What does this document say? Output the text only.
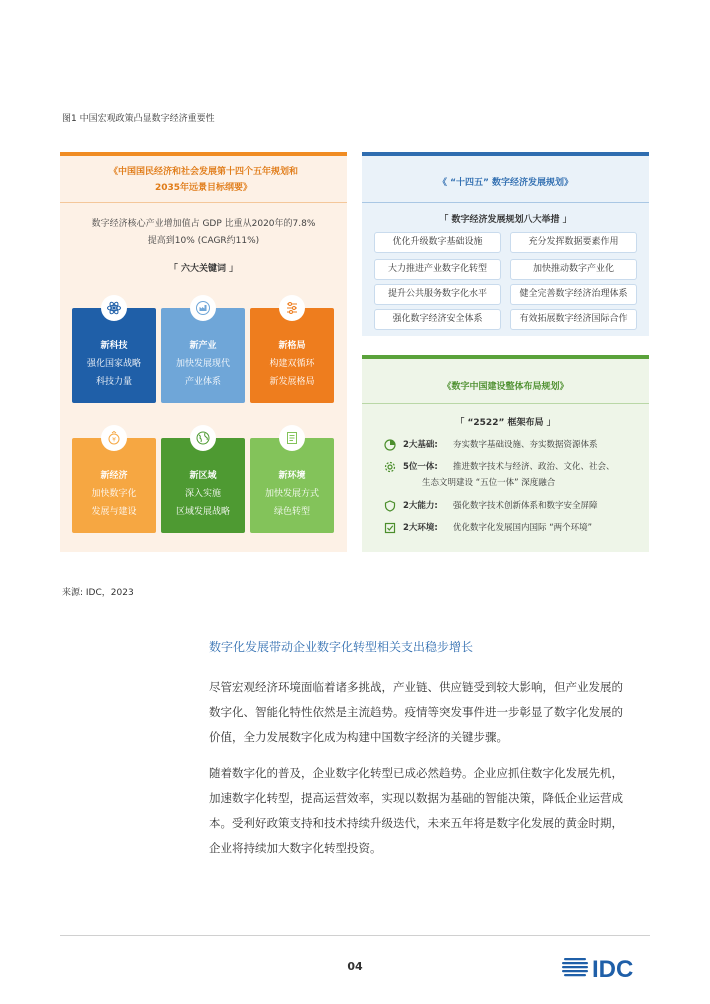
图1 中国宏观政策凸显数字经济重要性
《中国国民经济和社会发展第十四个五年规划和
2035年远景目标纲要》
数字经济核心产业增加值占 GDP 比重从2020年的7.8%
提高到10% (CAGR约11%)
「 六大关键词 」
新科技
强化国家战略
科技力量
新产业
加快发展现代
产业体系
新格局
构建双循环
新发展格局
¥
新经济
加快数字化
发展与建设
新区域
深入实施
区域发展战略
新环境
加快发展方式
绿色转型
《 “十四五” 数字经济发展规划》
「 数字经济发展规划八大举措 」
优化升级数字基础设施	充分发挥数据要素作用
大力推进产业数字化转型	加快推动数字产业化
提升公共服务数字化水平	健全完善数字经济治理体系
强化数字经济安全体系	有效拓展数字经济国际合作
《数字中国建设整体布局规划》
「 “2522” 框架布局 」
2大基础: 夯实数字基础设施、夯实数据资源体系
5位一体: 推进数字技术与经济、政治、文化、社会、
生态文明建设 “五位一体” 深度融合
2大能力: 强化数字技术创新体系和数字安全屏障
2大环境: 优化数字化发展国内国际 “两个环境”
来源: IDC，2023
数字化发展带动企业数字化转型相关支出稳步增长
尽管宏观经济环境面临着诸多挑战，产业链、供应链受到较大影响，但产业发展的
数字化、智能化特性依然是主流趋势。疫情等突发事件进一步彰显了数字化发展的
价值，全力发展数字化成为构建中国数字经济的关键步骤。
随着数字化的普及，企业数字化转型已成必然趋势。企业应抓住数字化发展先机，
加速数字化转型，提高运营效率，实现以数据为基础的智能决策，降低企业运营成
本。受利好政策支持和技术持续升级迭代，未来五年将是数字化发展的黄金时期，
企业将持续加大数字化转型投资。
04	IDC
